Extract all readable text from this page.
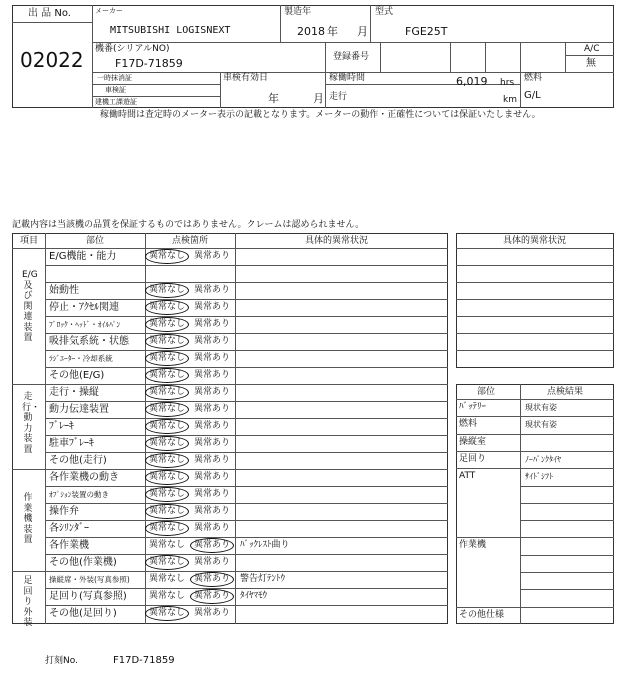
出 品 No.
02022
メーカー
MITSUBISHI LOGISNEXT
製造年
2018 年 月
型式
FGE25T
機番(シリアルNO)
F17D-71859	登録番号
A/C
無
一時抹消証
車検証
建機工課遊証
車検有効日
年	月
稼働時間	6,019 hrs
走行	km
燃料
G/L
稼働時間は査定時のメーター表示の記載となります。メーターの動作・正確性については保証いたしません。
記載内容は当該機の品質を保証するものではありません。クレームは認められません。
項目	部位	点検箇所	具体的異常状況
E/G及び関連装置
走行・動力装置
作業機装置
足回り外装
E/G機能・能力	異常なし 異常あり
始動性	異常なし 異常あり
停止・ｱｸｾﾙ関連	異常なし 異常あり
ﾌﾞﾛｯｸ・ﾍｯﾄﾞ・ｵｲﾙﾊﾟﾝ	異常なし 異常あり
吸排気系統・状態 異常なし 異常あり
ﾗｼﾞｴｰﾀｰ・冷却系統	異常なし 異常あり
その他(E/G)	異常なし 異常あり
走行・操縦	異常なし 異常あり
動力伝達装置	異常なし 異常あり
ﾌﾞﾚｰｷ	異常なし 異常あり
駐車ﾌﾞﾚｰｷ	異常なし 異常あり
その他(走行)	異常なし 異常あり
各作業機の動き	異常なし 異常あり
ｵﾌﾟｼｮﾝ装置の動き	異常なし 異常あり
操作弁	異常なし 異常あり
各ｼﾘﾝﾀﾞｰ	異常なし 異常あり
各作業機	異常なし 異常あり ﾊﾞｯｸﾚｽﾄ曲り
その他(作業機)	異常なし 異常あり
操縦席・外装(写真参照) 異常なし 異常あり 警告灯ﾃﾝﾄｳ
足回り(写真参照) 異常なし 異常あり ﾀｲﾔﾏﾓｳ
その他(足回り)	異常なし 異常あり
具体的異常状況
部位	点検結果
ﾊﾞｯﾃﾘｰ	現状有姿
燃料	現状有姿
操縦室
足回り	ﾉｰﾊﾟﾝｸﾀｲﾔ
ATT	ｻｲﾄﾞｼﾌﾄ
作業機
その他仕様
打刻No.	F17D-71859
